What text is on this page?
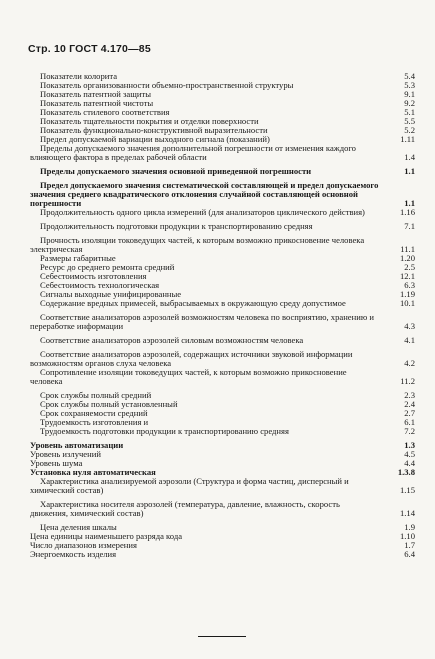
Стр. 10 ГОСТ 4.170—85
Показатели колорита	5.4
Показатель организованности объемно-пространственной структуры	5.3
Показатель патентной защиты	9.1
Показатель патентной чистоты	9.2
Показатель стилевого соответствия	5.1
Показатель тщательности покрытия и отделки поверхности	5.5
Показатель функционально-конструктивной выразительности	5.2
Предел допускаемой вариации выходного сигнала (показаний)	1.11
Пределы допускаемого значения дополнительной погрешности от изменения каждого влияющего фактора в пределах рабочей области	1.4
Пределы допускаемого значения основной приведенной погрешности	1.1
Предел допускаемого значения систематической составляющей и предел допускаемого значения среднего квадратического отклонения случайной составляющей основной погрешности	1.1
Продолжительность одного цикла измерений (для анализаторов циклического действия)	1.16
Продолжительность подготовки продукции к транспортированию средняя	7.1
Прочность изоляции токоведущих частей, к которым возможно прикосновение человека электрическая	11.1
Размеры габаритные	1.20
Ресурс до среднего ремонта средний	2.5
Себестоимость изготовления	12.1
Себестоимость технологическая	6.3
Сигналы выходные унифицированные	1.19
Содержание вредных примесей, выбрасываемых в окружающую среду допустимое	10.1
Соответствие анализаторов аэрозолей возможностям человека по восприятию, хранению и переработке информации	4.3
Соответствие анализаторов аэрозолей силовым возможностям человека	4.1
Соответствие анализаторов аэрозолей, содержащих источники звуковой информации возможностям органов слуха человека	4.2
Сопротивление изоляции токоведущих частей, к которым возможно прикосновение человека	11.2
Срок службы полный средний	2.3
Срок службы полный установленный	2.4
Срок сохраняемости средний	2.7
Трудоемкость изготовления и	6.1
Трудоемкость подготовки продукции к транспортированию средняя	7.2
Уровень автоматизации	1.3
Уровень излучений	4.5
Уровень шума	4.4
Установка нуля автоматическая	1.3.8
Характеристика анализируемой аэрозоли (Структура и форма частиц, дисперсный и химический состав)	1.15
Характеристика носителя аэрозолей (температура, давление, влажность, скорость движения, химический состав)	1.14
Цена деления шкалы	1.9
Цена единицы наименьшего разряда кода	1.10
Число диапазонов измерения	1.7
Энергоемкость изделия	6.4
